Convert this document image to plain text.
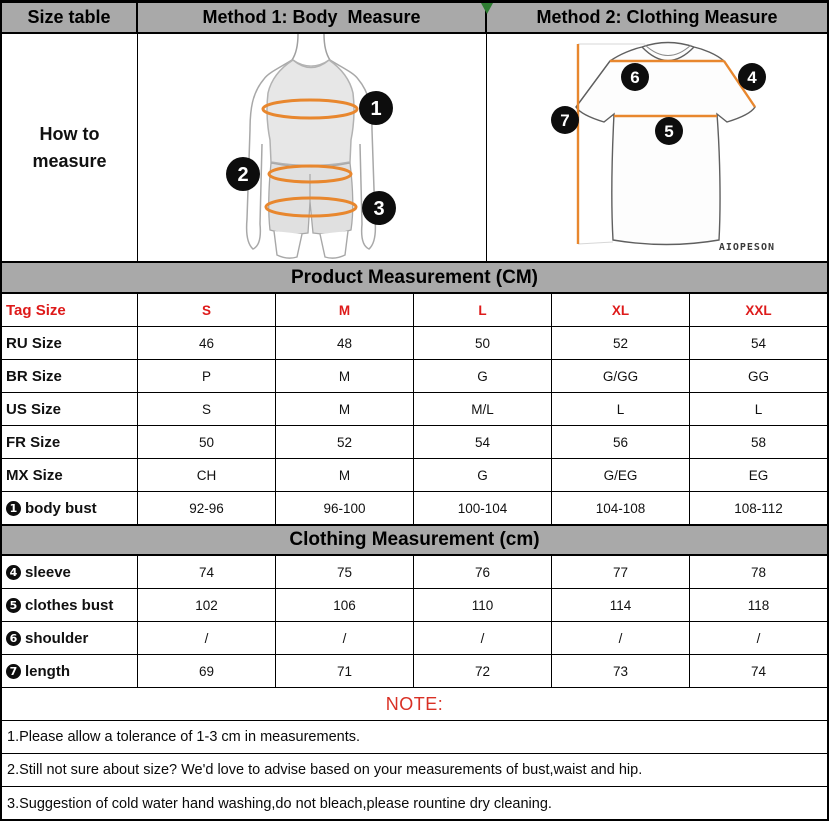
Size table	Method 1: Body  Measure	Method 2: Clothing Measure
How to measure
1
2
3
6	4
7
5
AIOPESON
Product Measurement (CM)
Tag Size	S	M	L	XL	XXL
RU Size	46	48	50	52	54
BR Size	P	M	G	G/GG	GG
US Size	S	M	M/L	L	L
FR Size	50	52	54	56	58
MX Size	CH	M	G	G/EG	EG
1 body bust	92-96	96-100	100-104	104-108	108-112
Clothing Measurement (cm)
4 sleeve	74	75	76	77	78
5 clothes bust	102	106	110	114	118
6 shoulder	/	/	/	/	/
7 length	69	71	72	73	74
NOTE:
1.Please allow a tolerance of 1-3 cm in measurements.
2.Still not sure about size? We'd love to advise based on your measurements of bust,waist and hip.
3.Suggestion of cold water hand washing,do not bleach,please rountine dry cleaning.
